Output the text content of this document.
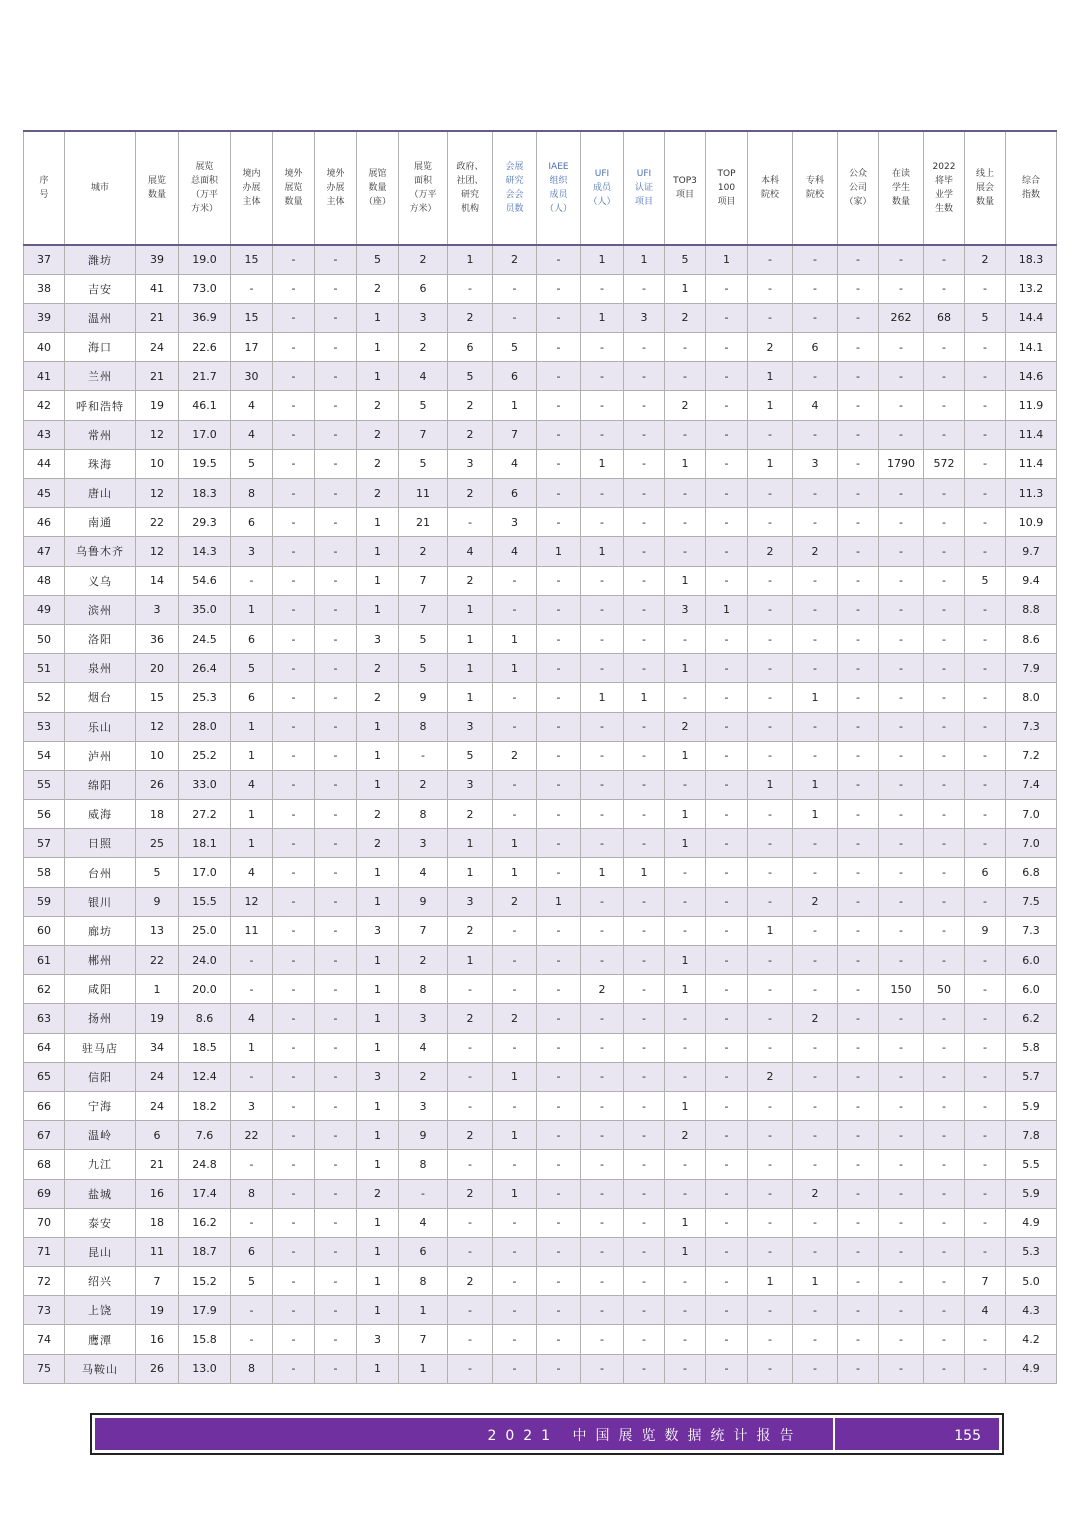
序
号	城市	展览
数量	展览
总面积
（万平
方米）	境内
办展
主体	境外
展览
数量	境外
办展
主体	展馆
数量
（座）	展览
面积
（万平
方米）	政府、
社团、
研究
机构	会展
研究
会会
员数	IAEE
组织
成员
（人）	UFI
成员
（人）	UFI
认证
项目	TOP3
项目	TOP
100
项目	本科
院校	专科
院校	公众
公司
（家）	在读
学生
数量	2022
将毕
业学
生数	线上
展会
数量	综合
指数

37	潍坊	39	19.0	15	-	-	5	2	1	2	-	1	1	5	1	-	-	-	-	-	2	18.3
38	吉安	41	73.0	-	-	-	2	6	-	-	-	-	-	1	-	-	-	-	-	-	-	13.2
39	温州	21	36.9	15	-	-	1	3	2	-	-	1	3	2	-	-	-	-	262	68	5	14.4
40	海口	24	22.6	17	-	-	1	2	6	5	-	-	-	-	-	2	6	-	-	-	-	14.1
41	兰州	21	21.7	30	-	-	1	4	5	6	-	-	-	-	-	1	-	-	-	-	-	14.6
42	呼和浩特	19	46.1	4	-	-	2	5	2	1	-	-	-	2	-	1	4	-	-	-	-	11.9
43	常州	12	17.0	4	-	-	2	7	2	7	-	-	-	-	-	-	-	-	-	-	-	11.4
44	珠海	10	19.5	5	-	-	2	5	3	4	-	1	-	1	-	1	3	-	1790	572	-	11.4
45	唐山	12	18.3	8	-	-	2	11	2	6	-	-	-	-	-	-	-	-	-	-	-	11.3
46	南通	22	29.3	6	-	-	1	21	-	3	-	-	-	-	-	-	-	-	-	-	-	10.9
47	乌鲁木齐	12	14.3	3	-	-	1	2	4	4	1	1	-	-	-	2	2	-	-	-	-	9.7
48	义乌	14	54.6	-	-	-	1	7	2	-	-	-	-	1	-	-	-	-	-	-	5	9.4
49	滨州	3	35.0	1	-	-	1	7	1	-	-	-	-	3	1	-	-	-	-	-	-	8.8
50	洛阳	36	24.5	6	-	-	3	5	1	1	-	-	-	-	-	-	-	-	-	-	-	8.6
51	泉州	20	26.4	5	-	-	2	5	1	1	-	-	-	1	-	-	-	-	-	-	-	7.9
52	烟台	15	25.3	6	-	-	2	9	1	-	-	1	1	-	-	-	1	-	-	-	-	8.0
53	乐山	12	28.0	1	-	-	1	8	3	-	-	-	-	2	-	-	-	-	-	-	-	7.3
54	泸州	10	25.2	1	-	-	1	-	5	2	-	-	-	1	-	-	-	-	-	-	-	7.2
55	绵阳	26	33.0	4	-	-	1	2	3	-	-	-	-	-	-	1	1	-	-	-	-	7.4
56	威海	18	27.2	1	-	-	2	8	2	-	-	-	-	1	-	-	1	-	-	-	-	7.0
57	日照	25	18.1	1	-	-	2	3	1	1	-	-	-	1	-	-	-	-	-	-	-	7.0
58	台州	5	17.0	4	-	-	1	4	1	1	-	1	1	-	-	-	-	-	-	-	6	6.8
59	银川	9	15.5	12	-	-	1	9	3	2	1	-	-	-	-	-	2	-	-	-	-	7.5
60	廊坊	13	25.0	11	-	-	3	7	2	-	-	-	-	-	-	1	-	-	-	-	9	7.3
61	郴州	22	24.0	-	-	-	1	2	1	-	-	-	-	1	-	-	-	-	-	-	-	6.0
62	咸阳	1	20.0	-	-	-	1	8	-	-	-	2	-	1	-	-	-	-	150	50	-	6.0
63	扬州	19	8.6	4	-	-	1	3	2	2	-	-	-	-	-	-	2	-	-	-	-	6.2
64	驻马店	34	18.5	1	-	-	1	4	-	-	-	-	-	-	-	-	-	-	-	-	-	5.8
65	信阳	24	12.4	-	-	-	3	2	-	1	-	-	-	-	-	2	-	-	-	-	-	5.7
66	宁海	24	18.2	3	-	-	1	3	-	-	-	-	-	1	-	-	-	-	-	-	-	5.9
67	温岭	6	7.6	22	-	-	1	9	2	1	-	-	-	2	-	-	-	-	-	-	-	7.8
68	九江	21	24.8	-	-	-	1	8	-	-	-	-	-	-	-	-	-	-	-	-	-	5.5
69	盐城	16	17.4	8	-	-	2	-	2	1	-	-	-	-	-	-	2	-	-	-	-	5.9
70	泰安	18	16.2	-	-	-	1	4	-	-	-	-	-	1	-	-	-	-	-	-	-	4.9
71	昆山	11	18.7	6	-	-	1	6	-	-	-	-	-	1	-	-	-	-	-	-	-	5.3
72	绍兴	7	15.2	5	-	-	1	8	2	-	-	-	-	-	-	1	1	-	-	-	7	5.0
73	上饶	19	17.9	-	-	-	1	1	-	-	-	-	-	-	-	-	-	-	-	-	4	4.3
74	鹰潭	16	15.8	-	-	-	3	7	-	-	-	-	-	-	-	-	-	-	-	-	-	4.2
75	马鞍山	26	13.0	8	-	-	1	1	-	-	-	-	-	-	-	-	-	-	-	-	-	4.9
2021 中国展览数据统计报告	155
